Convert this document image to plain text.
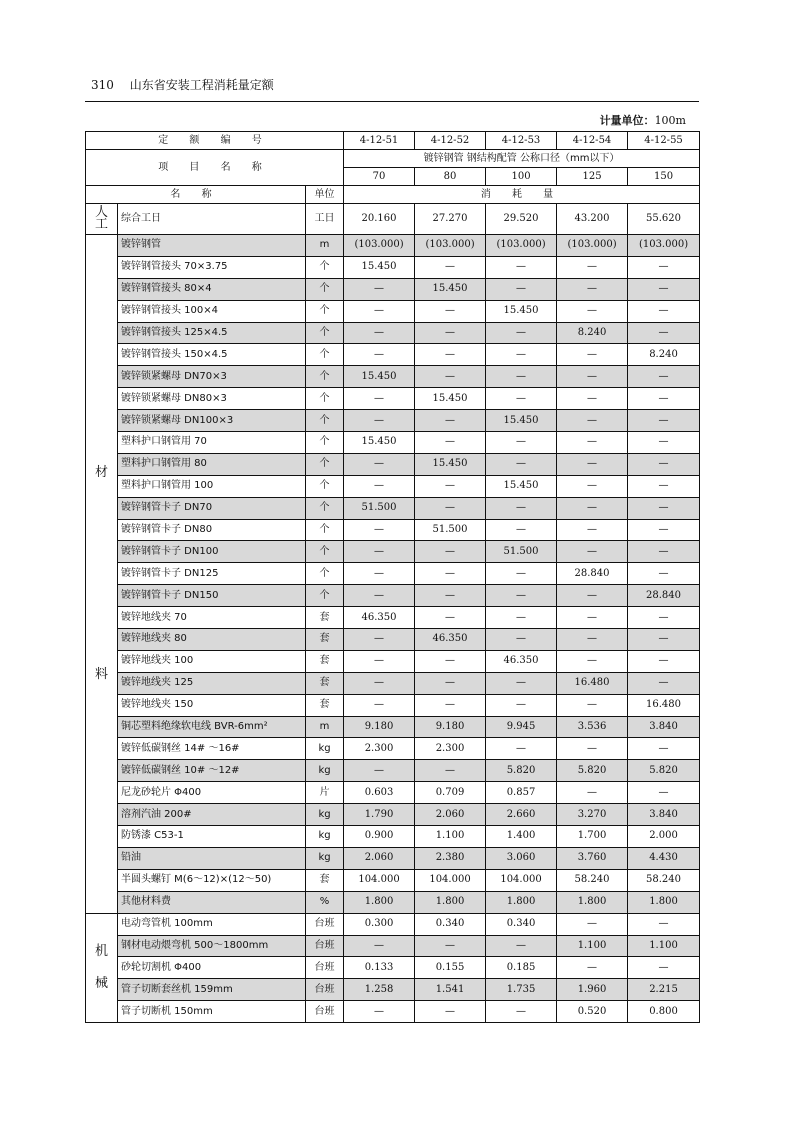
310 山东省安装工程消耗量定额
计量单位：100m
定 额 编 号			4-12-51	4-12-52	4-12-53	4-12-54	4-12-55
项 目 名 称			镀锌钢管 钢结构配管 公称口径（mm以下）				
			70	80	100	125	150
名 称		单位	消 耗 量				

人
工	综合工日	工日	20.160	27.270	29.520	43.200	55.620

材
料	镀锌钢管	m	(103.000)	(103.000)	(103.000)	(103.000)	(103.000)
	镀锌钢管接头 70×3.75	个	15.450	—	—	—	—
	镀锌钢管接头 80×4	个	—	15.450	—	—	—
	镀锌钢管接头 100×4	个	—	—	15.450	—	—
	镀锌钢管接头 125×4.5	个	—	—	—	8.240	—
	镀锌钢管接头 150×4.5	个	—	—	—	—	8.240
	镀锌锁紧螺母 DN70×3	个	15.450	—	—	—	—
	镀锌锁紧螺母 DN80×3	个	—	15.450	—	—	—
	镀锌锁紧螺母 DN100×3	个	—	—	15.450	—	—
	塑料护口钢管用 70	个	15.450	—	—	—	—
	塑料护口钢管用 80	个	—	15.450	—	—	—
	塑料护口钢管用 100	个	—	—	15.450	—	—
	镀锌钢管卡子 DN70	个	51.500	—	—	—	—
	镀锌钢管卡子 DN80	个	—	51.500	—	—	—
	镀锌钢管卡子 DN100	个	—	—	51.500	—	—
	镀锌钢管卡子 DN125	个	—	—	—	28.840	—
	镀锌钢管卡子 DN150	个	—	—	—	—	28.840
	镀锌地线夹 70	套	46.350	—	—	—	—
	镀锌地线夹 80	套	—	46.350	—	—	—
	镀锌地线夹 100	套	—	—	46.350	—	—
	镀锌地线夹 125	套	—	—	—	16.480	—
	镀锌地线夹 150	套	—	—	—	—	16.480
	铜芯塑料绝缘软电线 BVR-6mm²	m	9.180	9.180	9.945	3.536	3.840
	镀锌低碳钢丝 14# ～16#	kg	2.300	2.300	—	—	—
	镀锌低碳钢丝 10# ～12#	kg	—	—	5.820	5.820	5.820
	尼龙砂轮片 Φ400	片	0.603	0.709	0.857	—	—
	溶剂汽油 200#	kg	1.790	2.060	2.660	3.270	3.840
	防锈漆 C53-1	kg	0.900	1.100	1.400	1.700	2.000
	铅油	kg	2.060	2.380	3.060	3.760	4.430
	半圆头螺钉 M(6～12)×(12～50)	套	104.000	104.000	104.000	58.240	58.240
	其他材料费	%	1.800	1.800	1.800	1.800	1.800

机
械	电动弯管机 100mm	台班	0.300	0.340	0.340	—	—
	钢材电动煨弯机 500～1800mm	台班	—	—	—	1.100	1.100
	砂轮切割机 Φ400	台班	0.133	0.155	0.185	—	—
	管子切断套丝机 159mm	台班	1.258	1.541	1.735	1.960	2.215
	管子切断机 150mm	台班	—	—	—	0.520	0.800
